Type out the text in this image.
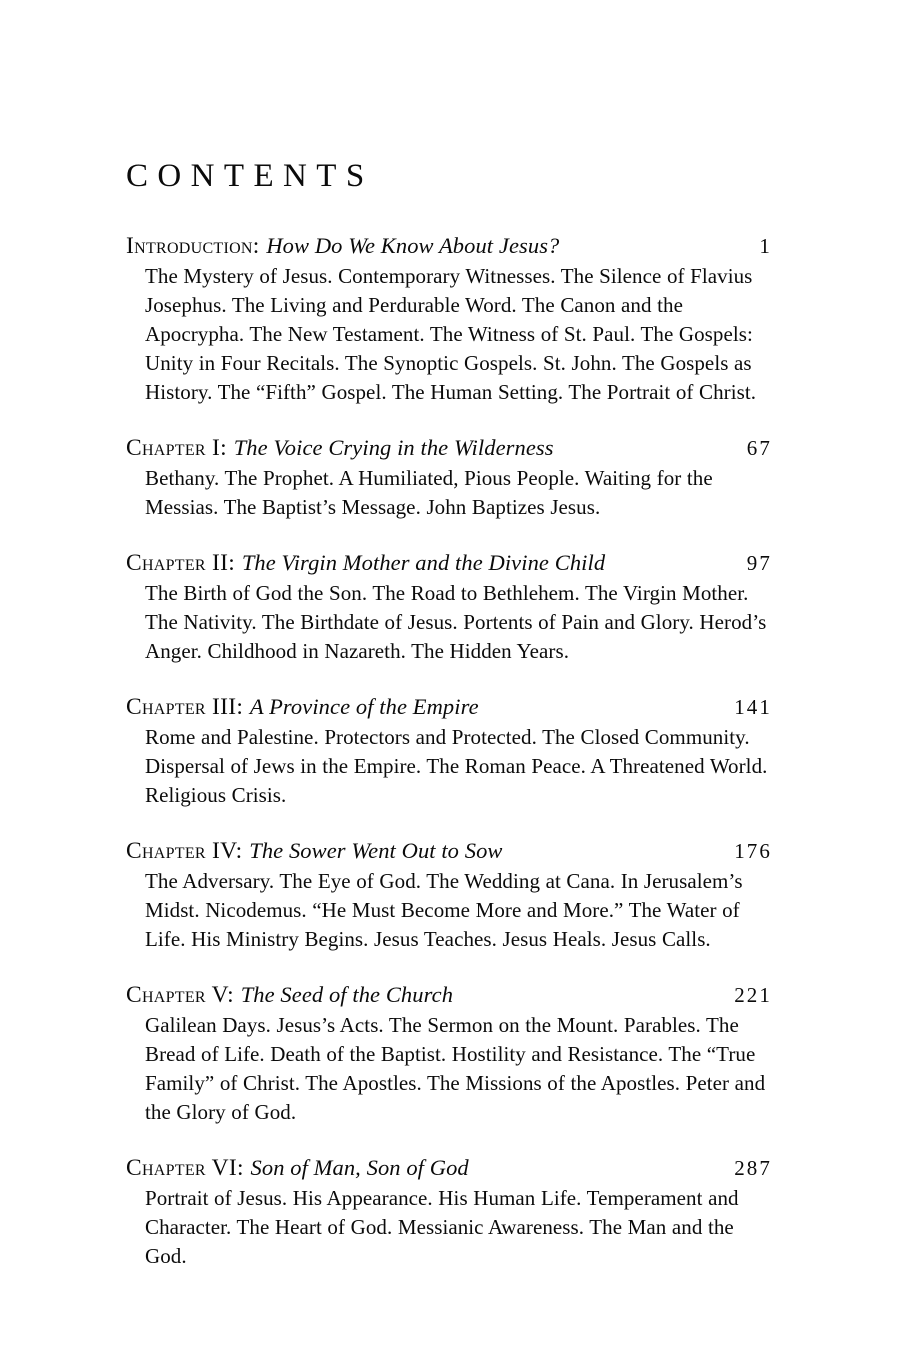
CONTENTS
Introduction: How Do We Know About Jesus?	1

The Mystery of Jesus. Contemporary Witnesses. The Silence of Flavius Josephus. The Living and Perdurable Word. The Canon and the Apocrypha. The New Testament. The Witness of St. Paul. The Gospels: Unity in Four Recitals. The Synoptic Gospels. St. John. The Gospels as History. The “Fifth” Gospel. The Human Setting. The Portrait of Christ.

Chapter I: The Voice Crying in the Wilderness	67

Bethany. The Prophet. A Humiliated, Pious People. Waiting for the Messias. The Baptist’s Message. John Baptizes Jesus.

Chapter II: The Virgin Mother and the Divine Child	97

The Birth of God the Son. The Road to Bethlehem. The Virgin Mother. The Nativity. The Birthdate of Jesus. Portents of Pain and Glory. Herod’s Anger. Childhood in Nazareth. The Hidden Years.

Chapter III: A Province of the Empire	141

Rome and Palestine. Protectors and Protected. The Closed Community. Dispersal of Jews in the Empire. The Roman Peace. A Threatened World. Religious Crisis.

Chapter IV: The Sower Went Out to Sow	176

The Adversary. The Eye of God. The Wedding at Cana. In Jerusalem’s Midst. Nicodemus. “He Must Become More and More.” The Water of Life. His Ministry Begins. Jesus Teaches. Jesus Heals. Jesus Calls.

Chapter V: The Seed of the Church	221

Galilean Days. Jesus’s Acts. The Sermon on the Mount. Parables. The Bread of Life. Death of the Baptist. Hostility and Resistance. The “True Family” of Christ. The Apostles. The Missions of the Apostles. Peter and the Glory of God.

Chapter VI: Son of Man, Son of God	287

Portrait of Jesus. His Appearance. His Human Life. Temperament and Character. The Heart of God. Messianic Awareness. The Man and the God.
